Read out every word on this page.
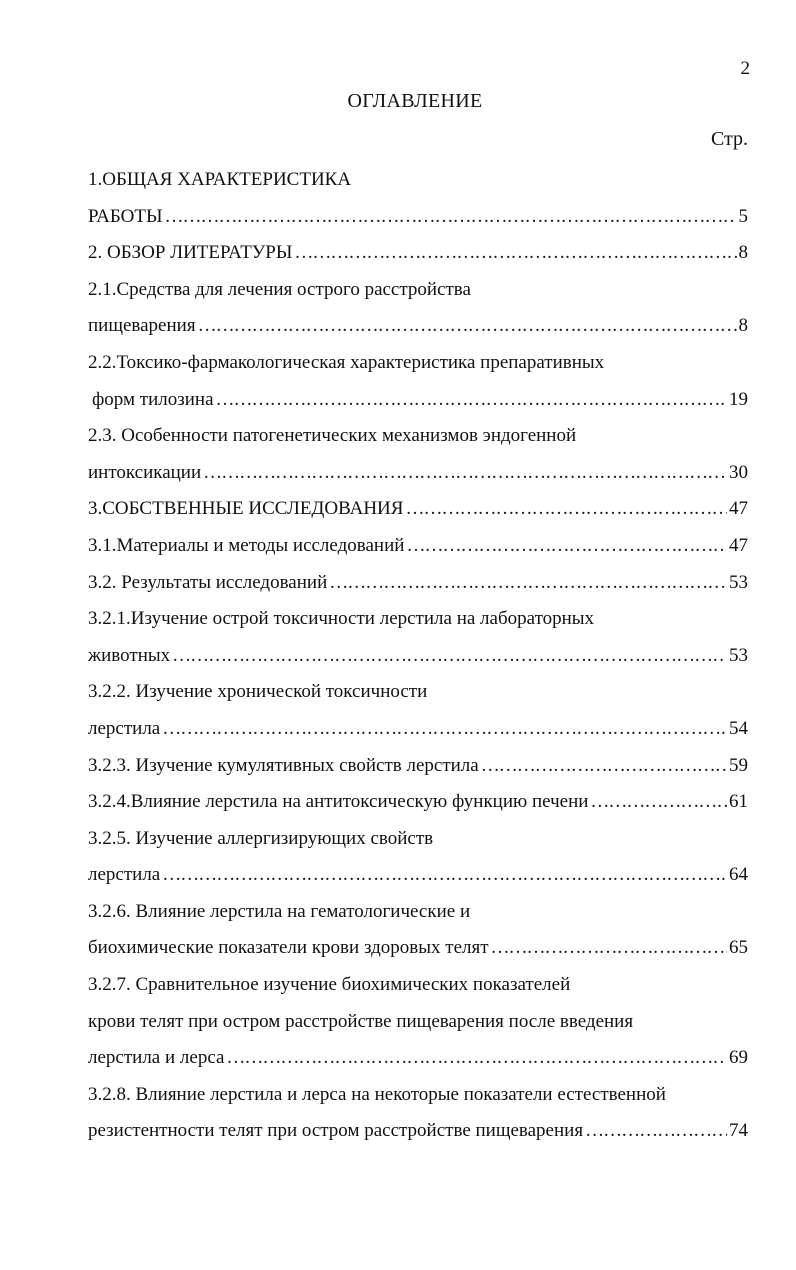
2
ОГЛАВЛЕНИЕ
Стр.
1.ОБЩАЯ ХАРАКТЕРИСТИКА
РАБОТЫ ………………………………………………………………………………………………………………………………………………………………	5
2. ОБЗОР ЛИТЕРАТУРЫ ………………………………………………………………………………………………………………………………………………………………	8
2.1.Средства для лечения острого расстройства
пищеварения ………………………………………………………………………………………………………………………………………………………………	8
2.2.Токсико-фармакологическая характеристика препаративных
форм тилозина ………………………………………………………………………………………………………………………………………………………………	19
2.3. Особенности патогенетических механизмов эндогенной
интоксикации ………………………………………………………………………………………………………………………………………………………………	30
3.СОБСТВЕННЫЕ ИССЛЕДОВАНИЯ ………………………………………………………………………………………………………………………………………………………………	47
3.1.Материалы и методы исследований ………………………………………………………………………………………………………………………………………………………………	47
3.2. Результаты исследований ………………………………………………………………………………………………………………………………………………………………	53
3.2.1.Изучение острой токсичности лерстила на лабораторных
животных ………………………………………………………………………………………………………………………………………………………………	53
3.2.2. Изучение хронической токсичности
лерстила ………………………………………………………………………………………………………………………………………………………………	54
3.2.3. Изучение кумулятивных свойств лерстила ………………………………………………………………………………………………………………………………………………………………	59
3.2.4.Влияние лерстила на антитоксическую функцию печени ………………………………………………………………………………………………………………………………………………………………	61
3.2.5. Изучение аллергизирующих свойств
лерстила ………………………………………………………………………………………………………………………………………………………………	64
3.2.6. Влияние лерстила на гематологические и
биохимические показатели крови здоровых телят ………………………………………………………………………………………………………………………………………………………………	65
3.2.7. Сравнительное изучение биохимических показателей
крови телят при остром расстройстве пищеварения после введения
лерстила и лерса ………………………………………………………………………………………………………………………………………………………………	69
3.2.8. Влияние лерстила и лерса на некоторые показатели естественной
резистентности телят при остром расстройстве пищеварения ………………………………………………………………………………………………………………………………………………………………	74
